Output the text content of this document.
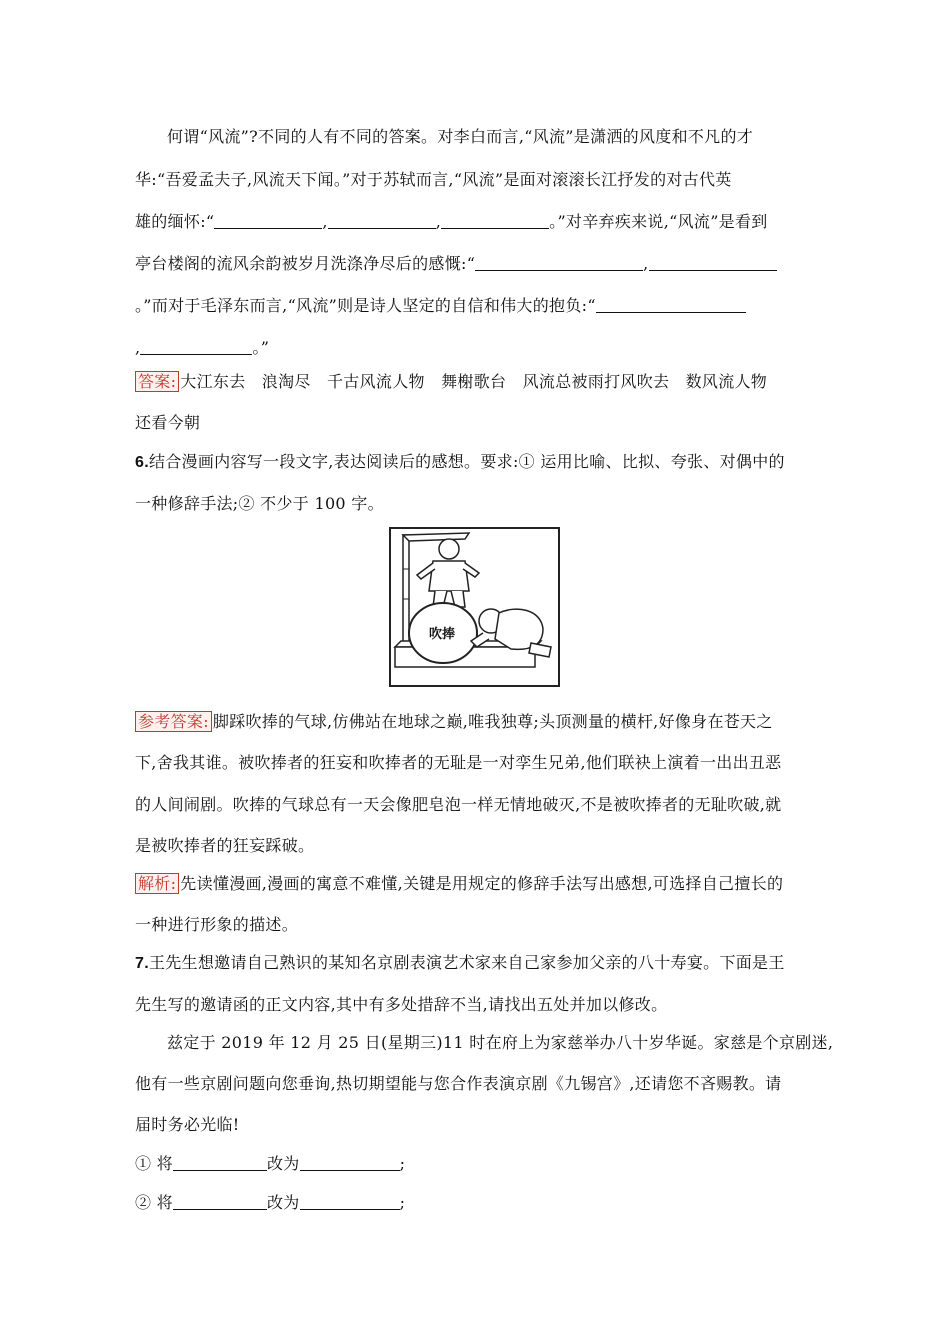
何谓“风流”?不同的人有不同的答案。对李白而言,“风流”是潇洒的风度和不凡的才
华:“吾爱孟夫子,风流天下闻。”对于苏轼而言,“风流”是面对滚滚长江抒发的对古代英
雄的缅怀:“	,	,	。”对辛弃疾来说,“风流”是看到
亭台楼阁的流风余韵被岁月洗涤净尽后的感慨:“	,
。”而对于毛泽东而言,“风流”则是诗人坚定的自信和伟大的抱负:“
,	。”
答案: 大江东去　浪淘尽　千古风流人物　舞榭歌台　风流总被雨打风吹去　数风流人物
还看今朝
6.结合漫画内容写一段文字,表达阅读后的感想。要求:① 运用比喻、比拟、夸张、对偶中的
一种修辞手法;② 不少于 100 字。
吹捧
参考答案: 脚踩吹捧的气球,仿佛站在地球之巅,唯我独尊;头顶测量的横杆,好像身在苍天之
下,舍我其谁。被吹捧者的狂妄和吹捧者的无耻是一对孪生兄弟,他们联袂上演着一出出丑恶
的人间闹剧。吹捧的气球总有一天会像肥皂泡一样无情地破灭,不是被吹捧者的无耻吹破,就
是被吹捧者的狂妄踩破。
解析: 先读懂漫画,漫画的寓意不难懂,关键是用规定的修辞手法写出感想,可选择自己擅长的
一种进行形象的描述。
7.王先生想邀请自己熟识的某知名京剧表演艺术家来自己家参加父亲的八十寿宴。下面是王
先生写的邀请函的正文内容,其中有多处措辞不当,请找出五处并加以修改。
兹定于 2019 年 12 月 25 日(星期三)11 时在府上为家慈举办八十岁华诞。家慈是个京剧迷,
他有一些京剧问题向您垂询,热切期望能与您合作表演京剧《九锡宫》,还请您不吝赐教。请
届时务必光临!
① 将	改为	;
② 将	改为	;
